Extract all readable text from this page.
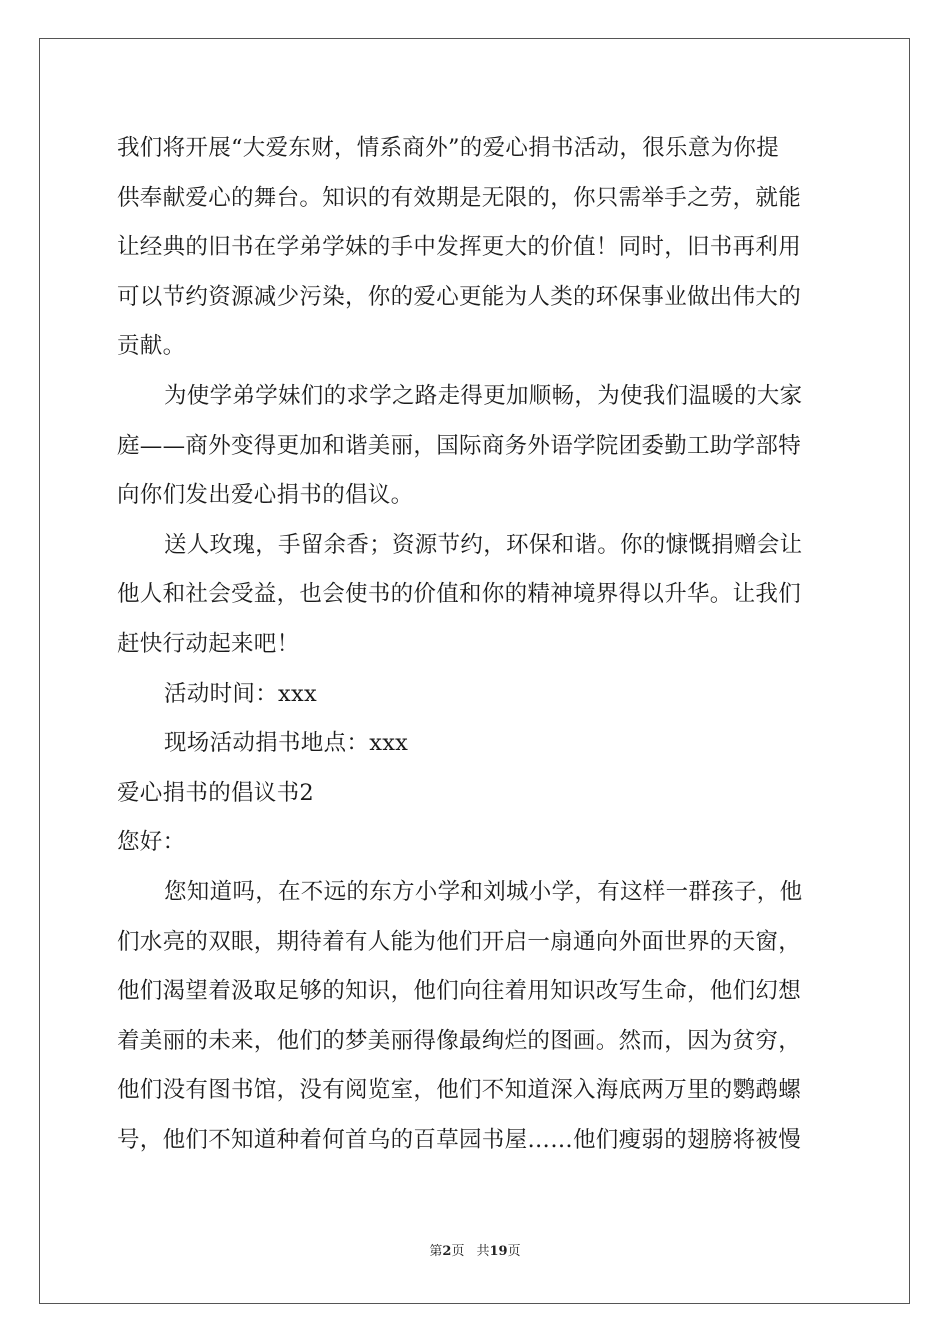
我们将开展“大爱东财，情系商外”的爱心捐书活动，很乐意为你提
供奉献爱心的舞台。知识的有效期是无限的，你只需举手之劳，就能
让经典的旧书在学弟学妹的手中发挥更大的价值！同时，旧书再利用
可以节约资源减少污染，你的爱心更能为人类的环保事业做出伟大的
贡献。
为使学弟学妹们的求学之路走得更加顺畅，为使我们温暖的大家
庭——商外变得更加和谐美丽，国际商务外语学院团委勤工助学部特
向你们发出爱心捐书的倡议。
送人玫瑰，手留余香；资源节约，环保和谐。你的慷慨捐赠会让
他人和社会受益，也会使书的价值和你的精神境界得以升华。让我们
赶快行动起来吧！
活动时间：xxx
现场活动捐书地点：xxx
爱心捐书的倡议书2
您好：
您知道吗，在不远的东方小学和刘城小学，有这样一群孩子，他
们水亮的双眼，期待着有人能为他们开启一扇通向外面世界的天窗，
他们渴望着汲取足够的知识，他们向往着用知识改写生命，他们幻想
着美丽的未来，他们的梦美丽得像最绚烂的图画。然而，因为贫穷，
他们没有图书馆，没有阅览室，他们不知道深入海底两万里的鹦鹉螺
号，他们不知道种着何首乌的百草园书屋……他们瘦弱的翅膀将被慢
第2页 共19页
